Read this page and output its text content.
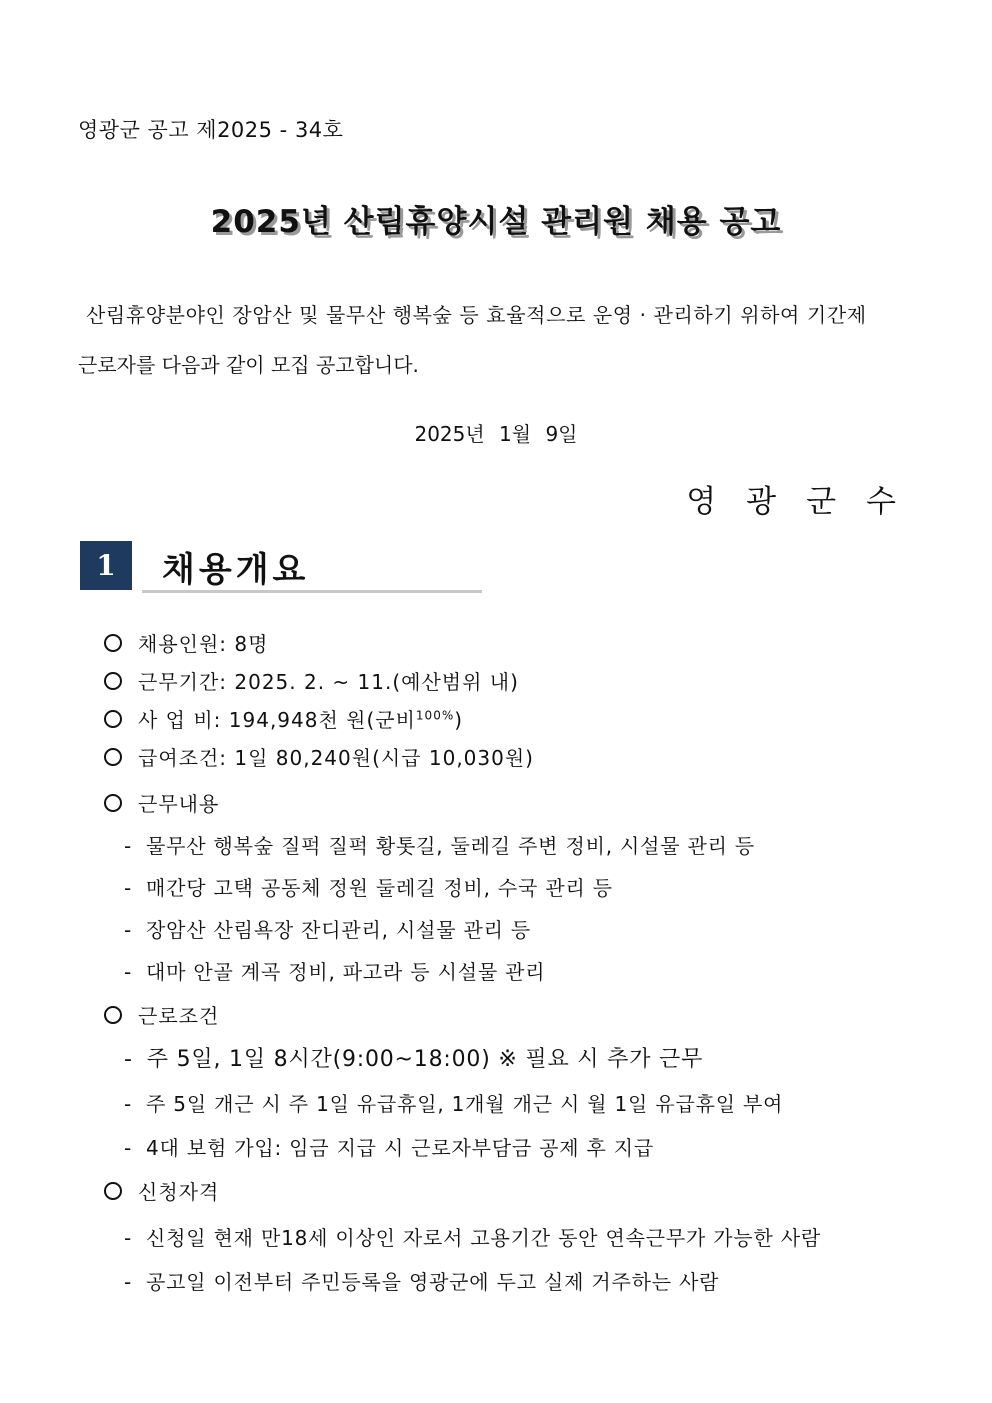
영광군 공고 제2025 - 34호
2025년 산림휴양시설 관리원 채용 공고

산림휴양분야인 장암산 및 물무산 행복숲 등 효율적으로 운영 · 관리하기 위하여 기간제

근로자를 다음과 같이 모집 공고합니다.

2025년 1월 9일
영광군수
1	채용개요
채용인원: 8명
근무기간: 2025. 2. ~ 11.(예산범위 내)
사 업 비: 194,948천 원(군비$^{100\%}$)
급여조건: 1일 80,240원(시급 10,030원)
근무내용
- 물무산 행복숲 질퍽 질퍽 황톳길, 둘레길 주변 정비, 시설물 관리 등
- 매간당 고택 공동체 정원 둘레길 정비, 수국 관리 등
- 장암산 산림욕장 잔디관리, 시설물 관리 등
- 대마 안골 계곡 정비, 파고라 등 시설물 관리
근로조건
- 주 5일, 1일 8시간(9:00~18:00) ※ 필요 시 추가 근무
- 주 5일 개근 시 주 1일 유급휴일, 1개월 개근 시 월 1일 유급휴일 부여
- 4대 보험 가입: 임금 지급 시 근로자부담금 공제 후 지급
신청자격
- 신청일 현재 만18세 이상인 자로서 고용기간 동안 연속근무가 가능한 사람
- 공고일 이전부터 주민등록을 영광군에 두고 실제 거주하는 사람
